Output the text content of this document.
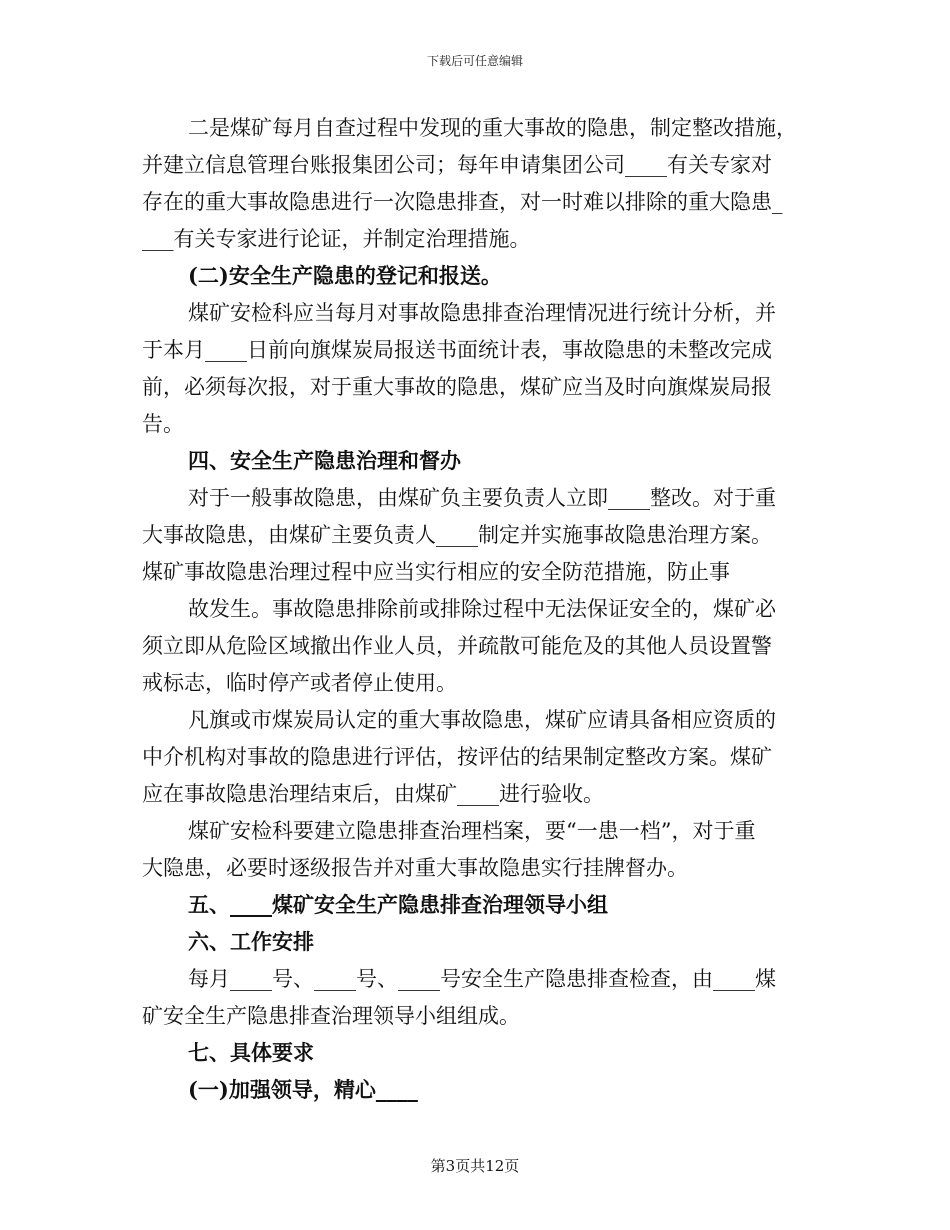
下载后可任意编辑
二是煤矿每月自查过程中发现的重大事故的隐患，制定整改措施，
并建立信息管理台账报集团公司；每年申请集团公司____有关专家对
存在的重大事故隐患进行一次隐患排查，对一时难以排除的重大隐患_
___有关专家进行论证，并制定治理措施。
(二)安全生产隐患的登记和报送。
煤矿安检科应当每月对事故隐患排查治理情况进行统计分析，并
于本月____日前向旗煤炭局报送书面统计表，事故隐患的未整改完成
前，必须每次报，对于重大事故的隐患，煤矿应当及时向旗煤炭局报
告。
四、安全生产隐患治理和督办
对于一般事故隐患，由煤矿负主要负责人立即____整改。对于重
大事故隐患，由煤矿主要负责人____制定并实施事故隐患治理方案。
煤矿事故隐患治理过程中应当实行相应的安全防范措施，防止事
故发生。事故隐患排除前或排除过程中无法保证安全的，煤矿必
须立即从危险区域撤出作业人员，并疏散可能危及的其他人员设置警
戒标志，临时停产或者停止使用。
凡旗或市煤炭局认定的重大事故隐患，煤矿应请具备相应资质的
中介机构对事故的隐患进行评估，按评估的结果制定整改方案。煤矿
应在事故隐患治理结束后，由煤矿____进行验收。
煤矿安检科要建立隐患排查治理档案，要“一患一档”，对于重
大隐患，必要时逐级报告并对重大事故隐患实行挂牌督办。
五、____煤矿安全生产隐患排查治理领导小组
六、工作安排
每月____号、____号、____号安全生产隐患排查检查，由____煤
矿安全生产隐患排查治理领导小组组成。
七、具体要求
(一)加强领导，精心____
第3页共12页
